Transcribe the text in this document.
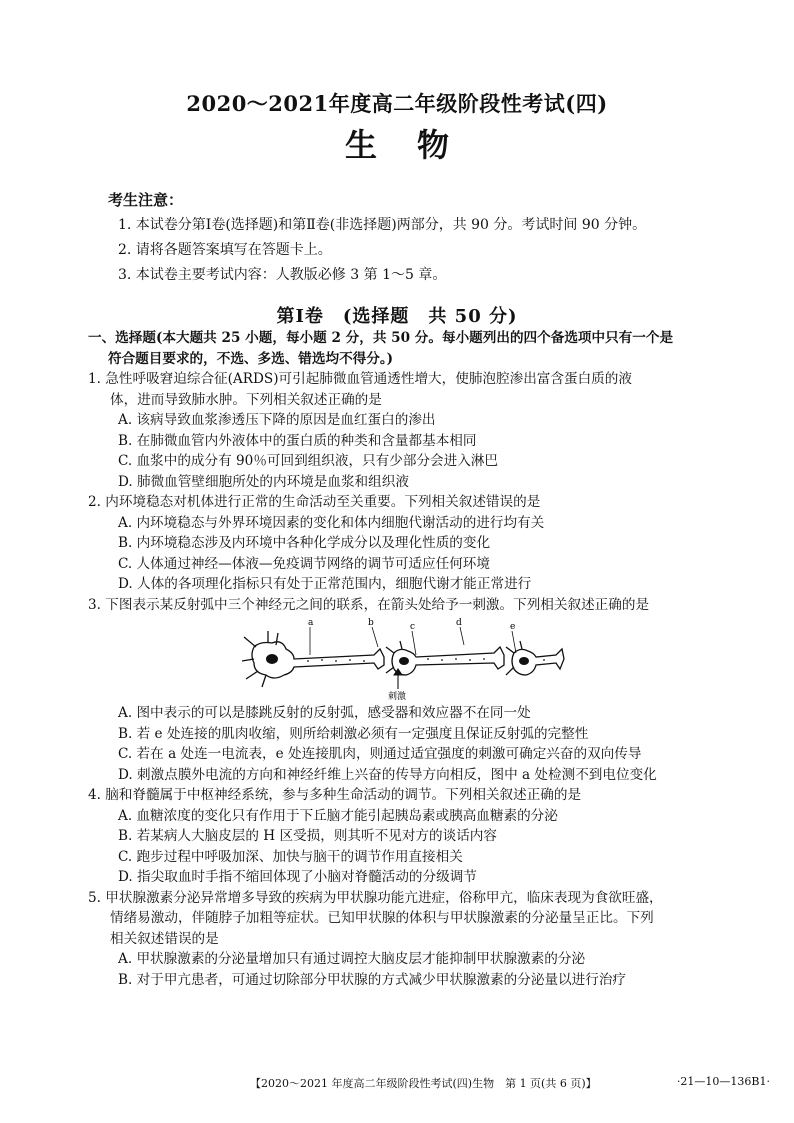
2020～2021年度高二年级阶段性考试(四)
生物
考生注意：
1. 本试卷分第Ⅰ卷(选择题)和第Ⅱ卷(非选择题)两部分，共 90 分。考试时间 90 分钟。
2. 请将各题答案填写在答题卡上。
3. 本试卷主要考试内容：人教版必修 3 第 1～5 章。
第Ⅰ卷　(选择题　共 50 分)
一、选择题(本大题共 25 小题，每小题 2 分，共 50 分。每小题列出的四个备选项中只有一个是
符合题目要求的，不选、多选、错选均不得分。)
1. 急性呼吸窘迫综合征(ARDS)可引起肺微血管通透性增大，使肺泡腔渗出富含蛋白质的液
体，进而导致肺水肿。下列相关叙述正确的是
A. 该病导致血浆渗透压下降的原因是血红蛋白的渗出
B. 在肺微血管内外液体中的蛋白质的种类和含量都基本相同
C. 血浆中的成分有 90％可回到组织液，只有少部分会进入淋巴
D. 肺微血管壁细胞所处的内环境是血浆和组织液
2. 内环境稳态对机体进行正常的生命活动至关重要。下列相关叙述错误的是
A. 内环境稳态与外界环境因素的变化和体内细胞代谢活动的进行均有关
B. 内环境稳态涉及内环境中各种化学成分以及理化性质的变化
C. 人体通过神经—体液—免疫调节网络的调节可适应任何环境
D. 人体的各项理化指标只有处于正常范围内，细胞代谢才能正常进行
3. 下图表示某反射弧中三个神经元之间的联系，在箭头处给予一刺激。下列相关叙述正确的是
a	b	c	d	e
刺激
A. 图中表示的可以是膝跳反射的反射弧，感受器和效应器不在同一处
B. 若 e 处连接的肌肉收缩，则所给刺激必须有一定强度且保证反射弧的完整性
C. 若在 a 处连一电流表，e 处连接肌肉，则通过适宜强度的刺激可确定兴奋的双向传导
D. 刺激点膜外电流的方向和神经纤维上兴奋的传导方向相反，图中 a 处检测不到电位变化
4. 脑和脊髓属于中枢神经系统，参与多种生命活动的调节。下列相关叙述正确的是
A. 血糖浓度的变化只有作用于下丘脑才能引起胰岛素或胰高血糖素的分泌
B. 若某病人大脑皮层的 H 区受损，则其听不见对方的谈话内容
C. 跑步过程中呼吸加深、加快与脑干的调节作用直接相关
D. 指尖取血时手指不缩回体现了小脑对脊髓活动的分级调节
5. 甲状腺激素分泌异常增多导致的疾病为甲状腺功能亢进症，俗称甲亢，临床表现为食欲旺盛，
情绪易激动，伴随脖子加粗等症状。已知甲状腺的体积与甲状腺激素的分泌量呈正比。下列
相关叙述错误的是
A. 甲状腺激素的分泌量增加只有通过调控大脑皮层才能抑制甲状腺激素的分泌
B. 对于甲亢患者，可通过切除部分甲状腺的方式减少甲状腺激素的分泌量以进行治疗
【2020～2021 年度高二年级阶段性考试(四)生物　第 1 页(共 6 页)】	·21—10—136B1·
